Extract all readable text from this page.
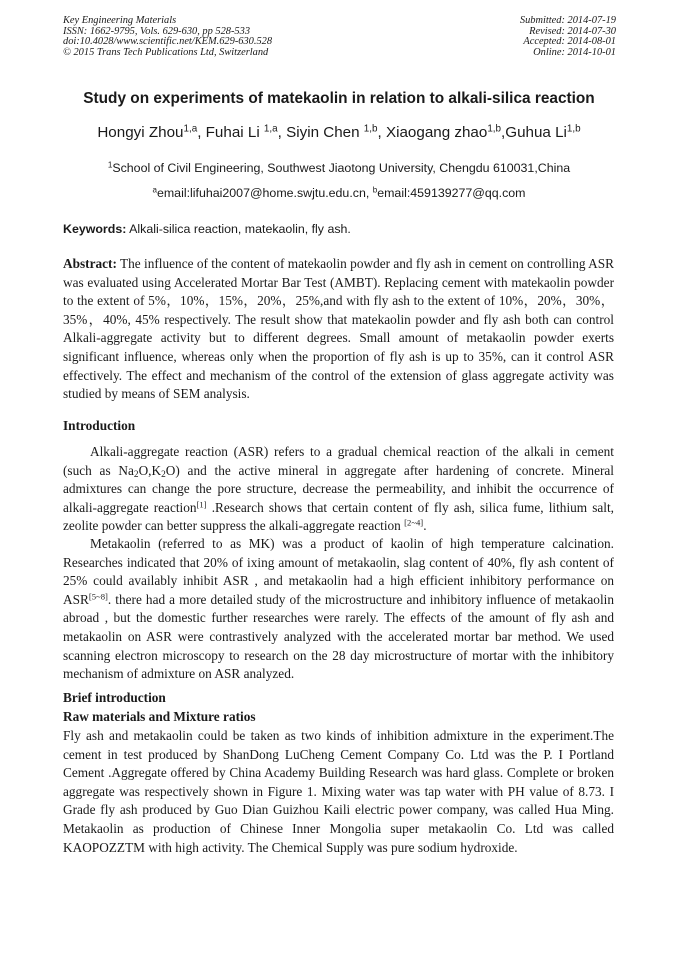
Key Engineering Materials
ISSN: 1662-9795, Vols. 629-630, pp 528-533
doi:10.4028/www.scientific.net/KEM.629-630.528
© 2015 Trans Tech Publications Ltd, Switzerland
Submitted: 2014-07-19
Revised: 2014-07-30
Accepted: 2014-08-01
Online: 2014-10-01
Study on experiments of matekaolin in relation to alkali-silica reaction
Hongyi Zhou$^{1,a}$, Fuhai Li $^{1,a}$, Siyin Chen $^{1,b}$, Xiaogang zhao$^{1,b}$,Guhua Li$^{1,b}$
$^1$School of Civil Engineering, Southwest Jiaotong University, Chengdu 610031,China
$^a$email:lifuhai2007@home.swjtu.edu.cn, $^b$email:459139277@qq.com
Keywords: Alkali-silica reaction, matekaolin, fly ash.

Abstract: The influence of the content of matekaolin powder and fly ash in cement on controlling ASR was evaluated using Accelerated Mortar Bar Test (AMBT). Replacing cement with matekaolin powder to the extent of 5%，10%，15%，20%，25%,and with fly ash to the extent of 10%，20%，30%，35%，40%, 45% respectively. The result show that matekaolin powder and fly ash both can control Alkali-aggregate activity but to different degrees. Small amount of metakaolin powder exerts significant influence, whereas only when the proportion of fly ash is up to 35%, can it control ASR effectively. The effect and mechanism of the control of the extension of glass aggregate activity was studied by means of SEM analysis.

Introduction

Alkali-aggregate reaction (ASR) refers to a gradual chemical reaction of the alkali in cement (such as $Na_2O,K_2O$) and the active mineral in aggregate after hardening of concrete. Mineral admixtures can change the pore structure, decrease the permeability, and inhibit the occurrence of alkali-aggregate reaction[1] .Research shows that certain content of fly ash, silica fume, lithium salt, zeolite powder can better suppress the alkali-aggregate reaction [2~4].

Metakaolin (referred to as MK) was a product of kaolin of high temperature calcination. Researches indicated that 20% of ixing amount of metakaolin, slag content of 40%, fly ash content of 25% could availably inhibit ASR , and metakaolin had a high efficient inhibitory performance on ASR[5~8]. there had a more detailed study of the microstructure and inhibitory influence of metakaolin abroad , but the domestic further researches were rarely. The effects of the amount of fly ash and metakaolin on ASR were contrastively analyzed with the accelerated mortar bar method. We used scanning electron microscopy to research on the 28 day microstructure of mortar with the inhibitory mechanism of admixture on ASR analyzed.

Brief introduction
Raw materials and Mixture ratios

Fly ash and metakaolin could be taken as two kinds of inhibition admixture in the experiment.The cement in test produced by ShanDong LuCheng Cement Company Co. Ltd was the P. I Portland Cement .Aggregate offered by China Academy Building Research was hard glass. Complete or broken aggregate was respectively shown in Figure 1. Mixing water was tap water with PH value of 8.73. I Grade fly ash produced by Guo Dian Guizhou Kaili electric power company, was called Hua Ming. Metakaolin as production of Chinese Inner Mongolia super metakaolin Co. Ltd was called KAOPOZZTM with high activity. The Chemical Supply was pure sodium hydroxide.
